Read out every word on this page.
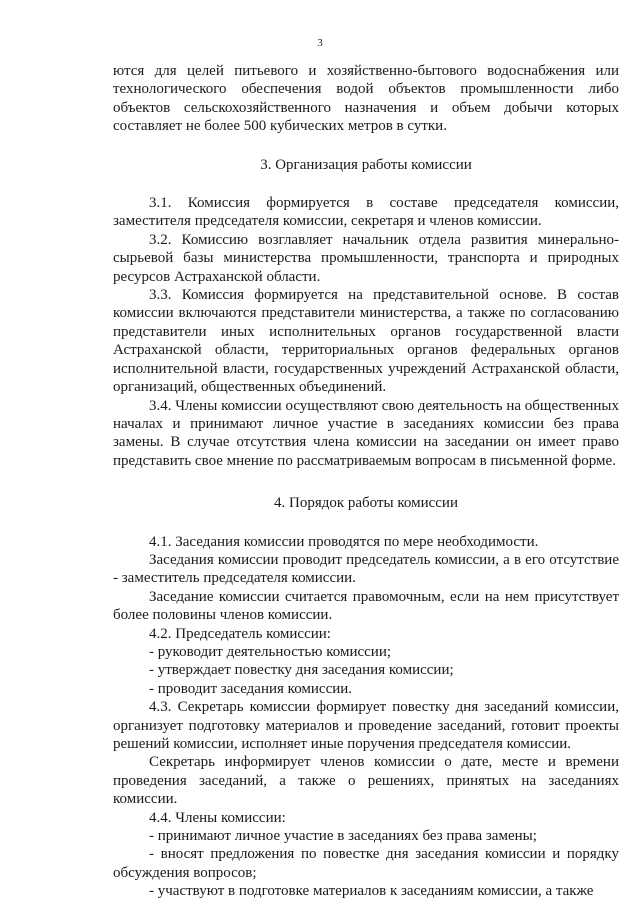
3

ются для целей питьевого и хозяйственно-бытового водоснабжения или технологического обеспечения водой объектов промышленности либо объектов сельскохозяйственного назначения и объем добычи которых составляет не более 500 кубических метров в сутки.

3. Организация работы комиссии

3.1. Комиссия формируется в составе председателя комиссии, заместителя председателя комиссии, секретаря и членов комиссии.

3.2. Комиссию возглавляет начальник отдела развития минерально-сырьевой базы министерства промышленности, транспорта и природных ресурсов Астраханской области.

3.3. Комиссия формируется на представительной основе. В состав комиссии включаются представители министерства, а также по согласованию представители иных исполнительных органов государственной власти Астраханской области, территориальных органов федеральных органов исполнительной власти, государственных учреждений Астраханской области, организаций, общественных объединений.

3.4. Члены комиссии осуществляют свою деятельность на общественных началах и принимают личное участие в заседаниях комиссии без права замены. В случае отсутствия члена комиссии на заседании он имеет право представить свое мнение по рассматриваемым вопросам в письменной форме.

4. Порядок работы комиссии

4.1. Заседания комиссии проводятся по мере необходимости.

Заседания комиссии проводит председатель комиссии, а в его отсутствие - заместитель председателя комиссии.

Заседание комиссии считается правомочным, если на нем присутствует более половины членов комиссии.

4.2. Председатель комиссии:

- руководит деятельностью комиссии;

- утверждает повестку дня заседания комиссии;

- проводит заседания комиссии.

4.3. Секретарь комиссии формирует повестку дня заседаний комиссии, организует подготовку материалов и проведение заседаний, готовит проекты решений комиссии, исполняет иные поручения председателя комиссии.

Секретарь информирует членов комиссии о дате, месте и времени проведения заседаний, а также о решениях, принятых на заседаниях комиссии.

4.4. Члены комиссии:

- принимают личное участие в заседаниях без права замены;

- вносят предложения по повестке дня заседания комиссии и порядку обсуждения вопросов;

- участвуют в подготовке материалов к заседаниям комиссии, а также
